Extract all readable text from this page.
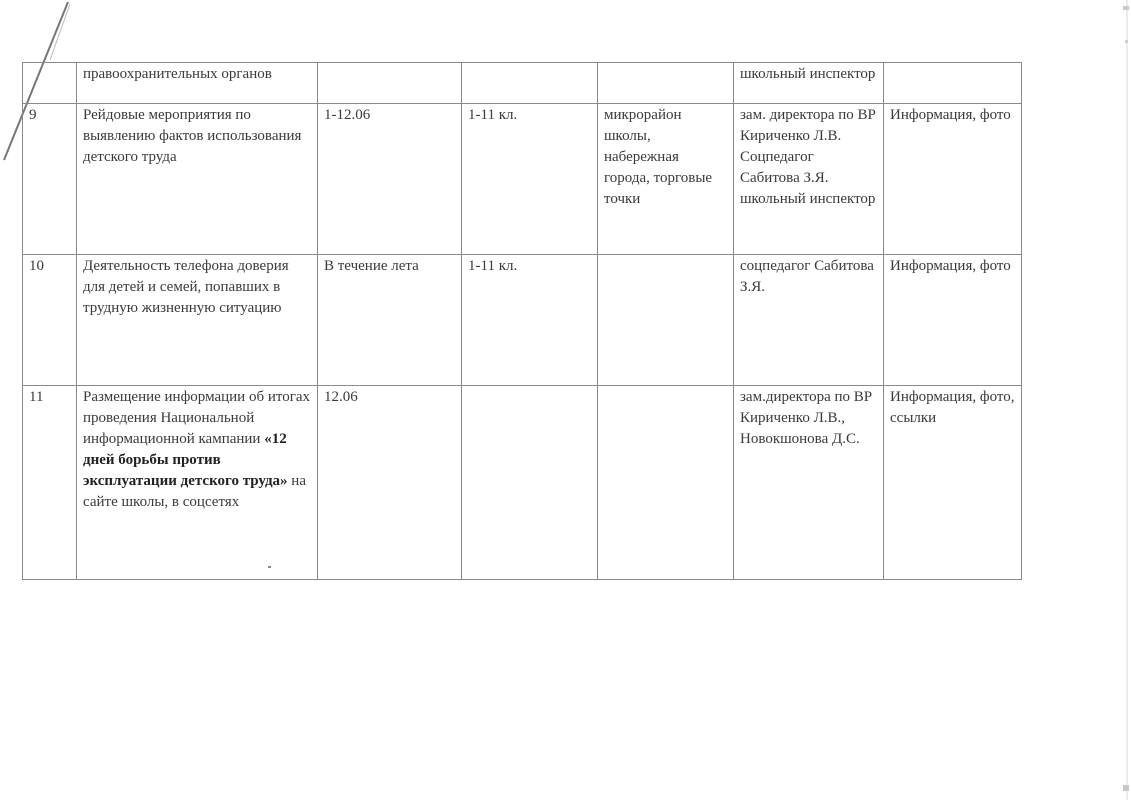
	правоохранительных органов				школьный инспектор	
9	Рейдовые мероприятия по выявлению фактов использования детского труда	1-12.06	1-11 кл.	микрорайон школы, набережная города, торговые точки	зам. директора по ВР Кириченко Л.В. Соцпедагог Сабитова З.Я. школьный инспектор	Информация, фото
10	Деятельность телефона доверия для детей и семей, попавших в трудную жизненную ситуацию	В течение лета	1-11 кл.		соцпедагог Сабитова З.Я.	Информация, фото
11	Размещение информации об итогах проведения Национальной информационной кампании «12 дней борьбы против эксплуатации детского труда» на сайте школы, в соцсетях	12.06			зам.директора по ВР Кириченко Л.В., Новокшонова Д.С.	Информация, фото, ссылки
